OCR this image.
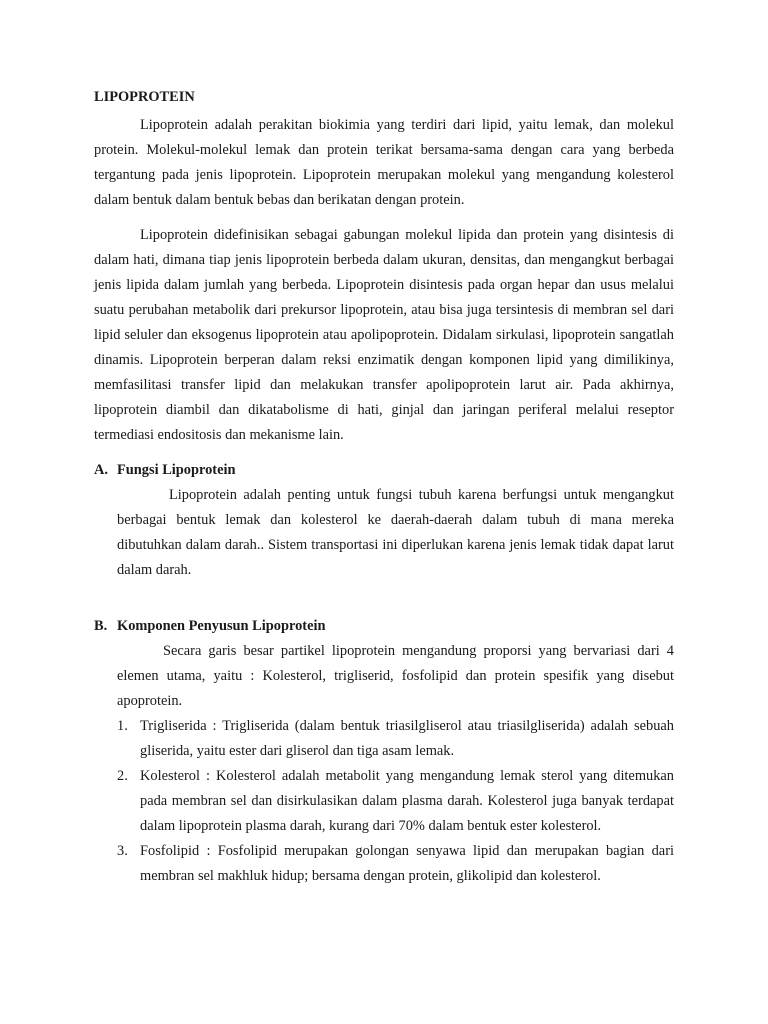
LIPOPROTEIN

Lipoprotein adalah perakitan biokimia yang terdiri dari lipid, yaitu lemak, dan molekul protein. Molekul-molekul lemak dan protein terikat bersama-sama dengan cara yang berbeda tergantung pada jenis lipoprotein. Lipoprotein merupakan molekul yang mengandung kolesterol dalam bentuk dalam bentuk bebas dan berikatan dengan protein.

Lipoprotein didefinisikan sebagai gabungan molekul lipida dan protein yang disintesis di dalam hati, dimana tiap jenis lipoprotein berbeda dalam ukuran, densitas, dan mengangkut berbagai jenis lipida dalam jumlah yang berbeda. Lipoprotein disintesis pada organ hepar dan usus melalui suatu perubahan metabolik dari prekursor lipoprotein, atau bisa juga tersintesis di membran sel dari lipid seluler dan eksogenus lipoprotein atau apolipoprotein. Didalam sirkulasi, lipoprotein sangatlah dinamis. Lipoprotein berperan dalam reksi enzimatik dengan komponen lipid yang dimilikinya, memfasilitasi transfer lipid dan melakukan transfer apolipoprotein larut air. Pada akhirnya, lipoprotein diambil dan dikatabolisme di hati, ginjal dan jaringan periferal melalui reseptor termediasi endositosis dan mekanisme lain.

A. Fungsi Lipoprotein

Lipoprotein adalah penting untuk fungsi tubuh karena berfungsi untuk mengangkut berbagai bentuk lemak dan kolesterol ke daerah-daerah dalam tubuh di mana mereka dibutuhkan dalam darah.. Sistem transportasi ini diperlukan karena jenis lemak tidak dapat larut dalam darah.

B. Komponen Penyusun Lipoprotein

Secara garis besar partikel lipoprotein mengandung proporsi yang bervariasi dari 4 elemen utama, yaitu : Kolesterol, trigliserid, fosfolipid dan protein spesifik yang disebut apoprotein.

1. Trigliserida : Trigliserida (dalam bentuk triasilgliserol atau triasilgliserida) adalah sebuah gliserida, yaitu ester dari gliserol dan tiga asam lemak.
2. Kolesterol : Kolesterol adalah metabolit yang mengandung lemak sterol yang ditemukan pada membran sel dan disirkulasikan dalam plasma darah. Kolesterol juga banyak terdapat dalam lipoprotein plasma darah, kurang dari 70% dalam bentuk ester kolesterol.
3. Fosfolipid : Fosfolipid merupakan golongan senyawa lipid dan merupakan bagian dari membran sel makhluk hidup; bersama dengan protein, glikolipid dan kolesterol.
